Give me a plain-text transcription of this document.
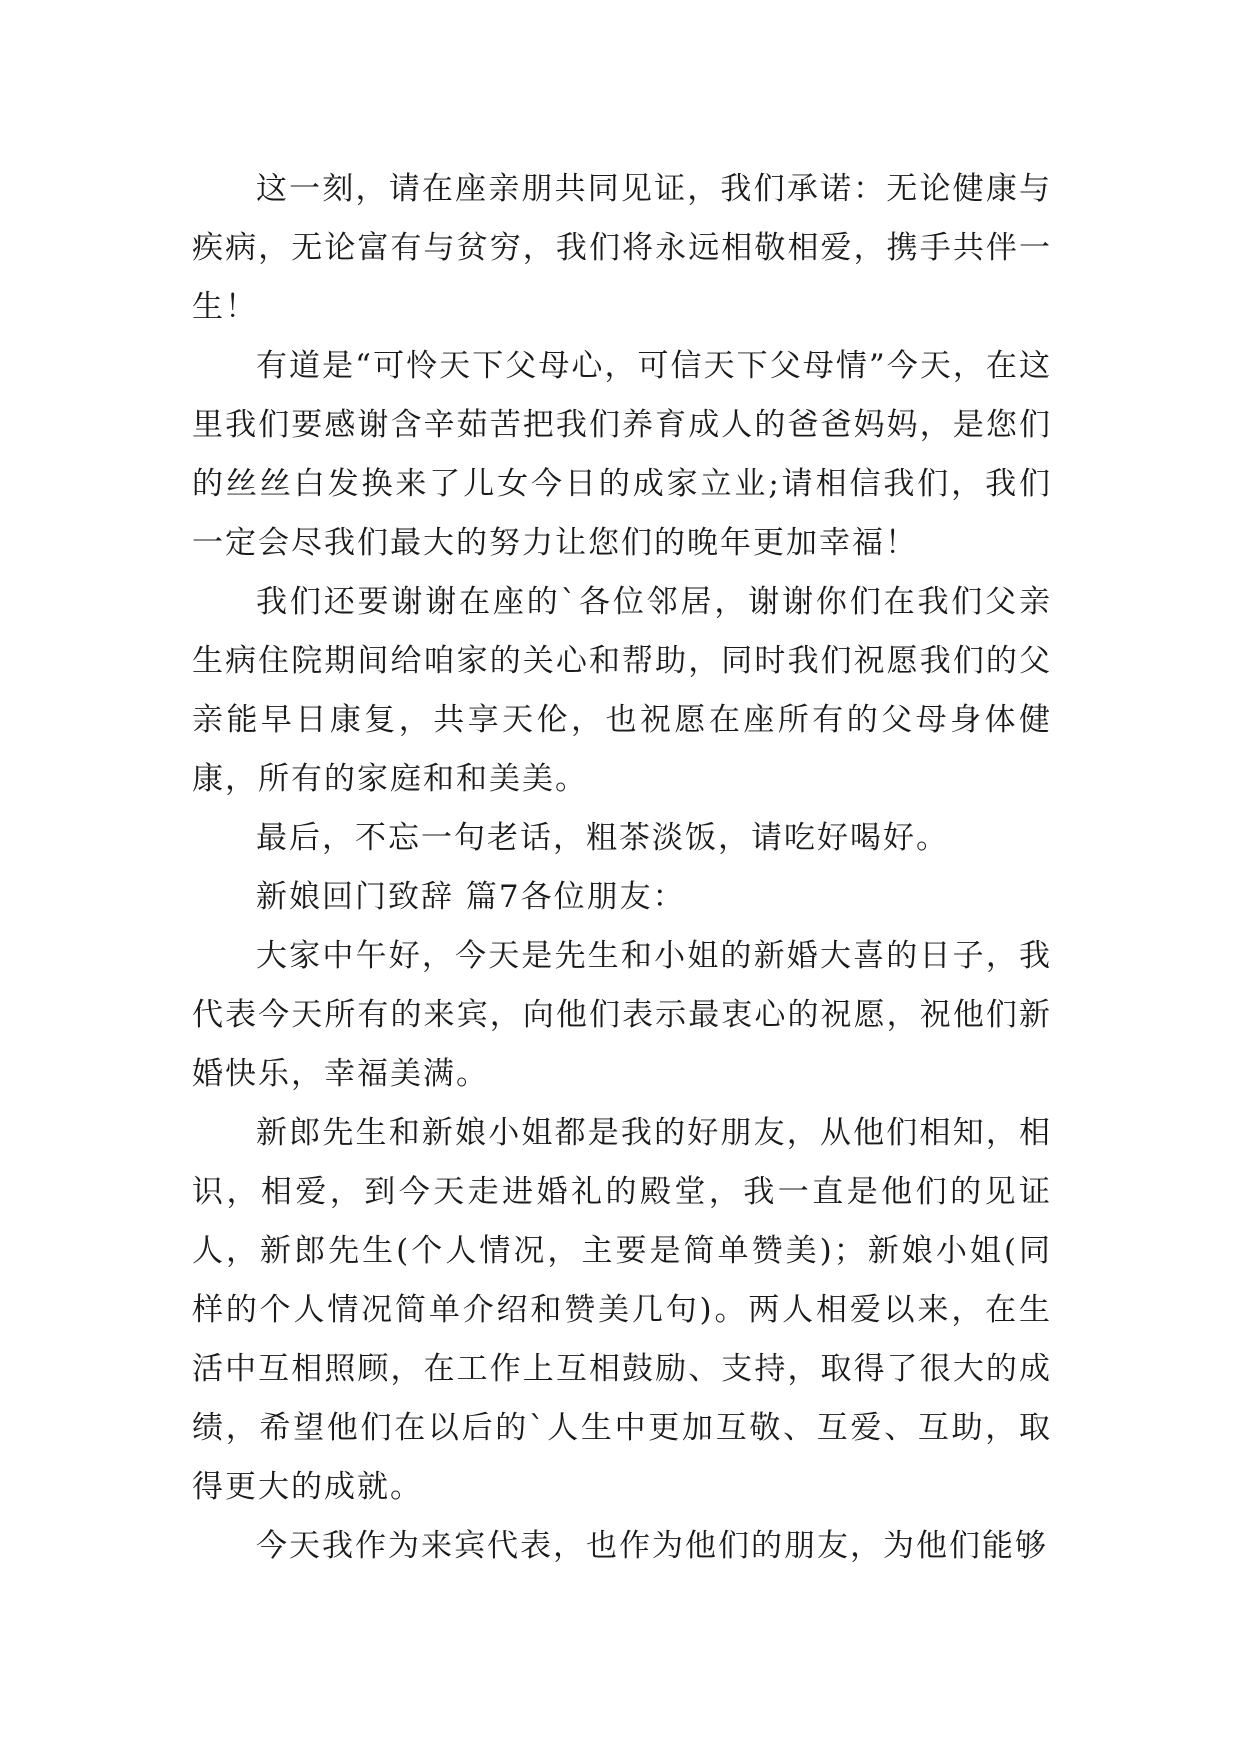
这一刻，请在座亲朋共同见证，我们承诺：无论健康与疾病，无论富有与贫穷，我们将永远相敬相爱，携手共伴一生！

有道是“可怜天下父母心，可信天下父母情”今天，在这里我们要感谢含辛茹苦把我们养育成人的爸爸妈妈，是您们的丝丝白发换来了儿女今日的成家立业;请相信我们，我们一定会尽我们最大的努力让您们的晚年更加幸福！

我们还要谢谢在座的`各位邻居，谢谢你们在我们父亲生病住院期间给咱家的关心和帮助，同时我们祝愿我们的父亲能早日康复，共享天伦，也祝愿在座所有的父母身体健康，所有的家庭和和美美。

最后，不忘一句老话，粗茶淡饭，请吃好喝好。

新娘回门致辞 篇7各位朋友：

大家中午好，今天是先生和小姐的新婚大喜的日子，我代表今天所有的来宾，向他们表示最衷心的祝愿，祝他们新婚快乐，幸福美满。

新郎先生和新娘小姐都是我的好朋友，从他们相知，相识，相爱，到今天走进婚礼的殿堂，我一直是他们的见证人，新郎先生(个人情况，主要是简单赞美)；新娘小姐(同样的个人情况简单介绍和赞美几句)。两人相爱以来，在生活中互相照顾，在工作上互相鼓励、支持，取得了很大的成绩，希望他们在以后的`人生中更加互敬、互爱、互助，取得更大的成就。

今天我作为来宾代表，也作为他们的朋友，为他们能够
